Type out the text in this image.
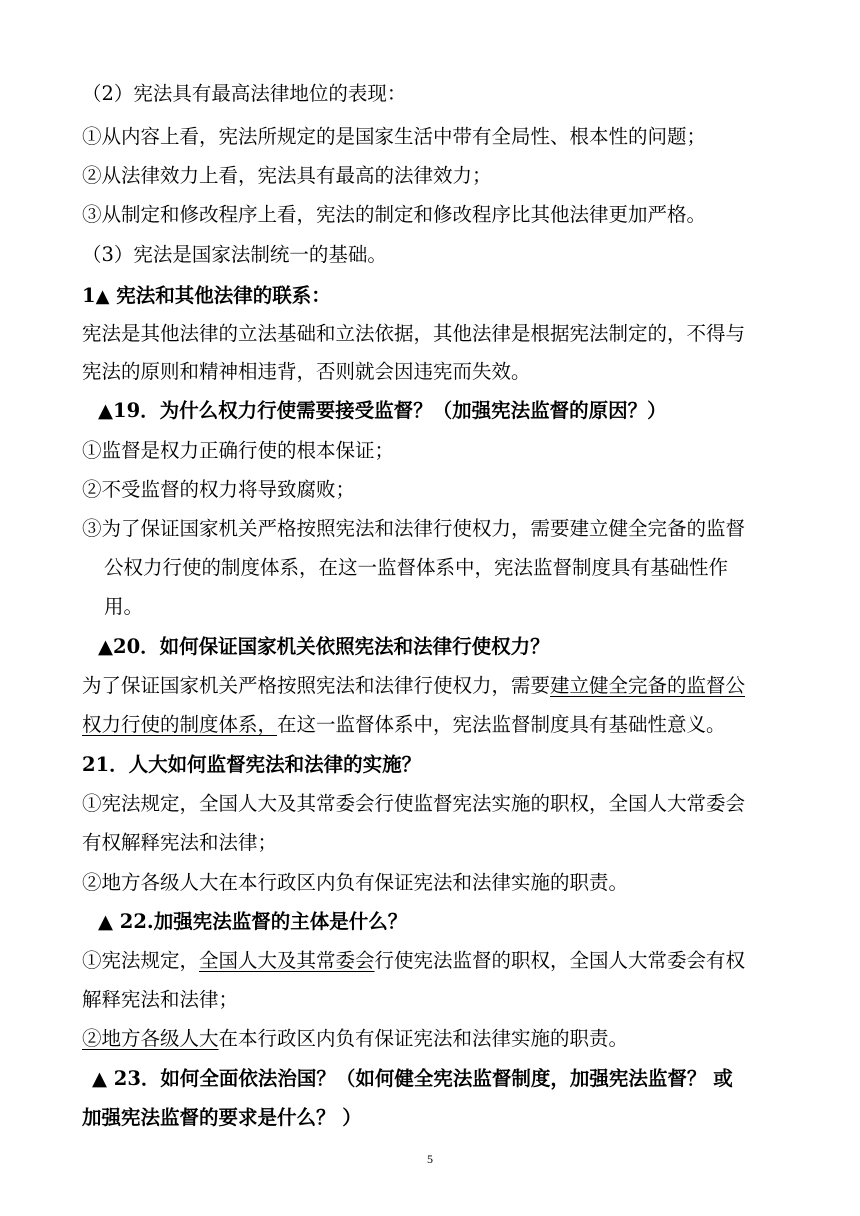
（2）宪法具有最高法律地位的表现：
①从内容上看，宪法所规定的是国家生活中带有全局性、根本性的问题；
②从法律效力上看，宪法具有最高的法律效力；
③从制定和修改程序上看，宪法的制定和修改程序比其他法律更加严格。
（3）宪法是国家法制统一的基础。
1▲ 宪法和其他法律的联系：
宪法是其他法律的立法基础和立法依据，其他法律是根据宪法制定的，不得与
宪法的原则和精神相违背，否则就会因违宪而失效。
▲19．为什么权力行使需要接受监督？（加强宪法监督的原因？）
①监督是权力正确行使的根本保证；
②不受监督的权力将导致腐败；
③为了保证国家机关严格按照宪法和法律行使权力，需要建立健全完备的监督
公权力行使的制度体系，在这一监督体系中，宪法监督制度具有基础性作
用。
▲20．如何保证国家机关依照宪法和法律行使权力？
为了保证国家机关严格按照宪法和法律行使权力，需要建立健全完备的监督公
权力行使的制度体系，在这一监督体系中，宪法监督制度具有基础性意义。
21．人大如何监督宪法和法律的实施？
①宪法规定，全国人大及其常委会行使监督宪法实施的职权，全国人大常委会
有权解释宪法和法律；
②地方各级人大在本行政区内负有保证宪法和法律实施的职责。
▲ 22.加强宪法监督的主体是什么？
①宪法规定，全国人大及其常委会行使宪法监督的职权，全国人大常委会有权
解释宪法和法律；
②地方各级人大在本行政区内负有保证宪法和法律实施的职责。
▲ 23．如何全面依法治国？（如何健全宪法监督制度，加强宪法监督？ 或
加强宪法监督的要求是什么？ ）
5
